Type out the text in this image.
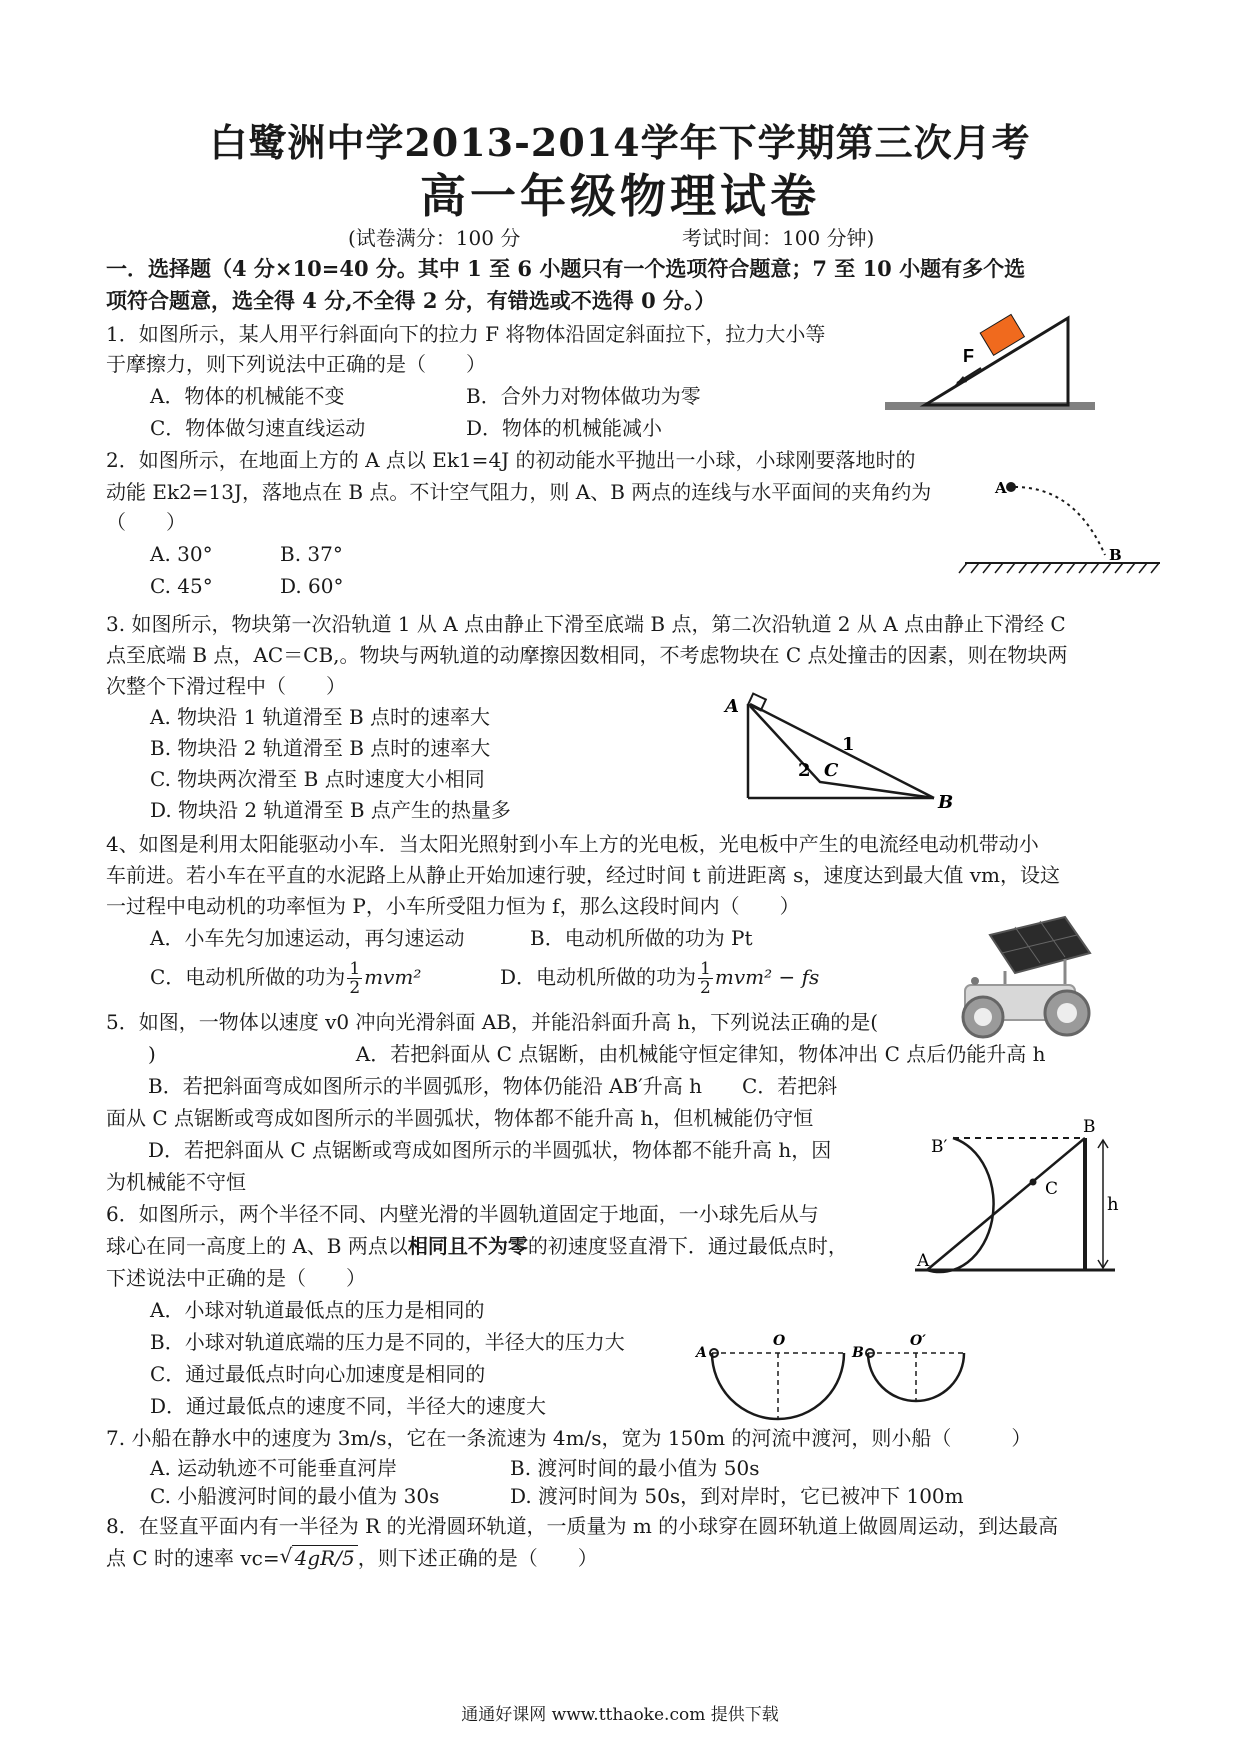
白鹭洲中学2013-2014学年下学期第三次月考
高一年级物理试卷
(试卷满分：100 分	考试时间：100 分钟)
一．选择题（4 分×10=40 分。其中 1 至 6 小题只有一个选项符合题意；7 至 10 小题有多个选
项符合题意，选全得 4 分,不全得 2 分，有错选或不选得 0 分。）
1．如图所示，某人用平行斜面向下的拉力 F 将物体沿固定斜面拉下，拉力大小等
于摩擦力，则下列说法中正确的是（　　）
A．物体的机械能不变	B．合外力对物体做功为零
C．物体做匀速直线运动	D．物体的机械能减小
F
2．如图所示，在地面上方的 A 点以 Ek1=4J 的初动能水平抛出一小球，小球刚要落地时的
动能 Ek2=13J，落地点在 B 点。不计空气阻力，则 A、B 两点的连线与水平面间的夹角约为
（　　）
A. 30°	B. 37°
C. 45°	D. 60°
A
B
3. 如图所示，物块第一次沿轨道 1 从 A 点由静止下滑至底端 B 点，第二次沿轨道 2 从 A 点由静止下滑经 C
点至底端 B 点，AC＝CB,。物块与两轨道的动摩擦因数相同，不考虑物块在 C 点处撞击的因素，则在物块两
次整个下滑过程中（　　）
A. 物块沿 1 轨道滑至 B 点时的速率大
B. 物块沿 2 轨道滑至 B 点时的速率大
C. 物块两次滑至 B 点时速度大小相同
D. 物块沿 2 轨道滑至 B 点产生的热量多
A
B
C
1
2
4、如图是利用太阳能驱动小车．当太阳光照射到小车上方的光电板，光电板中产生的电流经电动机带动小
车前进。若小车在平直的水泥路上从静止开始加速行驶，经过时间 t 前进距离 s，速度达到最大值 vm，设这
一过程中电动机的功率恒为 P，小车所受阻力恒为 f，那么这段时间内（　　）
A．小车先匀加速运动，再匀速运动	B．电动机所做的功为 Pt
C．电动机所做的功为 $\frac{1}{2} mvm^2$	D．电动机所做的功为 $\frac{1}{2} mvm^2$ − fs
5．如图，一物体以速度 v0 冲向光滑斜面 AB，并能沿斜面升高 h，下列说法正确的是(
)　　　　　　　　　　A．若把斜面从 C 点锯断，由机械能守恒定律知，物体冲出 C 点后仍能升高 h
B．若把斜面弯成如图所示的半圆弧形，物体仍能沿 AB′升高 h　　C．若把斜
面从 C 点锯断或弯成如图所示的半圆弧状，物体都不能升高 h，但机械能仍守恒
D．若把斜面从 C 点锯断或弯成如图所示的半圆弧状，物体都不能升高 h，因
为机械能不守恒
A
B
B′
C
h
6．如图所示，两个半径不同、内壁光滑的半圆轨道固定于地面，一小球先后从与
球心在同一高度上的 A、B 两点以相同且不为零的初速度竖直滑下．通过最低点时，
下述说法中正确的是（　　）
A．小球对轨道最低点的压力是相同的
B．小球对轨道底端的压力是不同的，半径大的压力大
C．通过最低点时向心加速度是相同的
D．通过最低点的速度不同，半径大的速度大
A
O
B
O′
7. 小船在静水中的速度为 3m/s，它在一条流速为 4m/s，宽为 150m 的河流中渡河，则小船（　　　）
A. 运动轨迹不可能垂直河岸	B. 渡河时间的最小值为 50s
C. 小船渡河时间的最小值为 30s	D. 渡河时间为 50s，到对岸时，它已被冲下 100m
8．在竖直平面内有一半径为 R 的光滑圆环轨道，一质量为 m 的小球穿在圆环轨道上做圆周运动，到达最高
点 C 时的速率 vc= √ 4gR/5 ，则下述正确的是（　　）
通通好课网 www.tthaoke.com 提供下载
